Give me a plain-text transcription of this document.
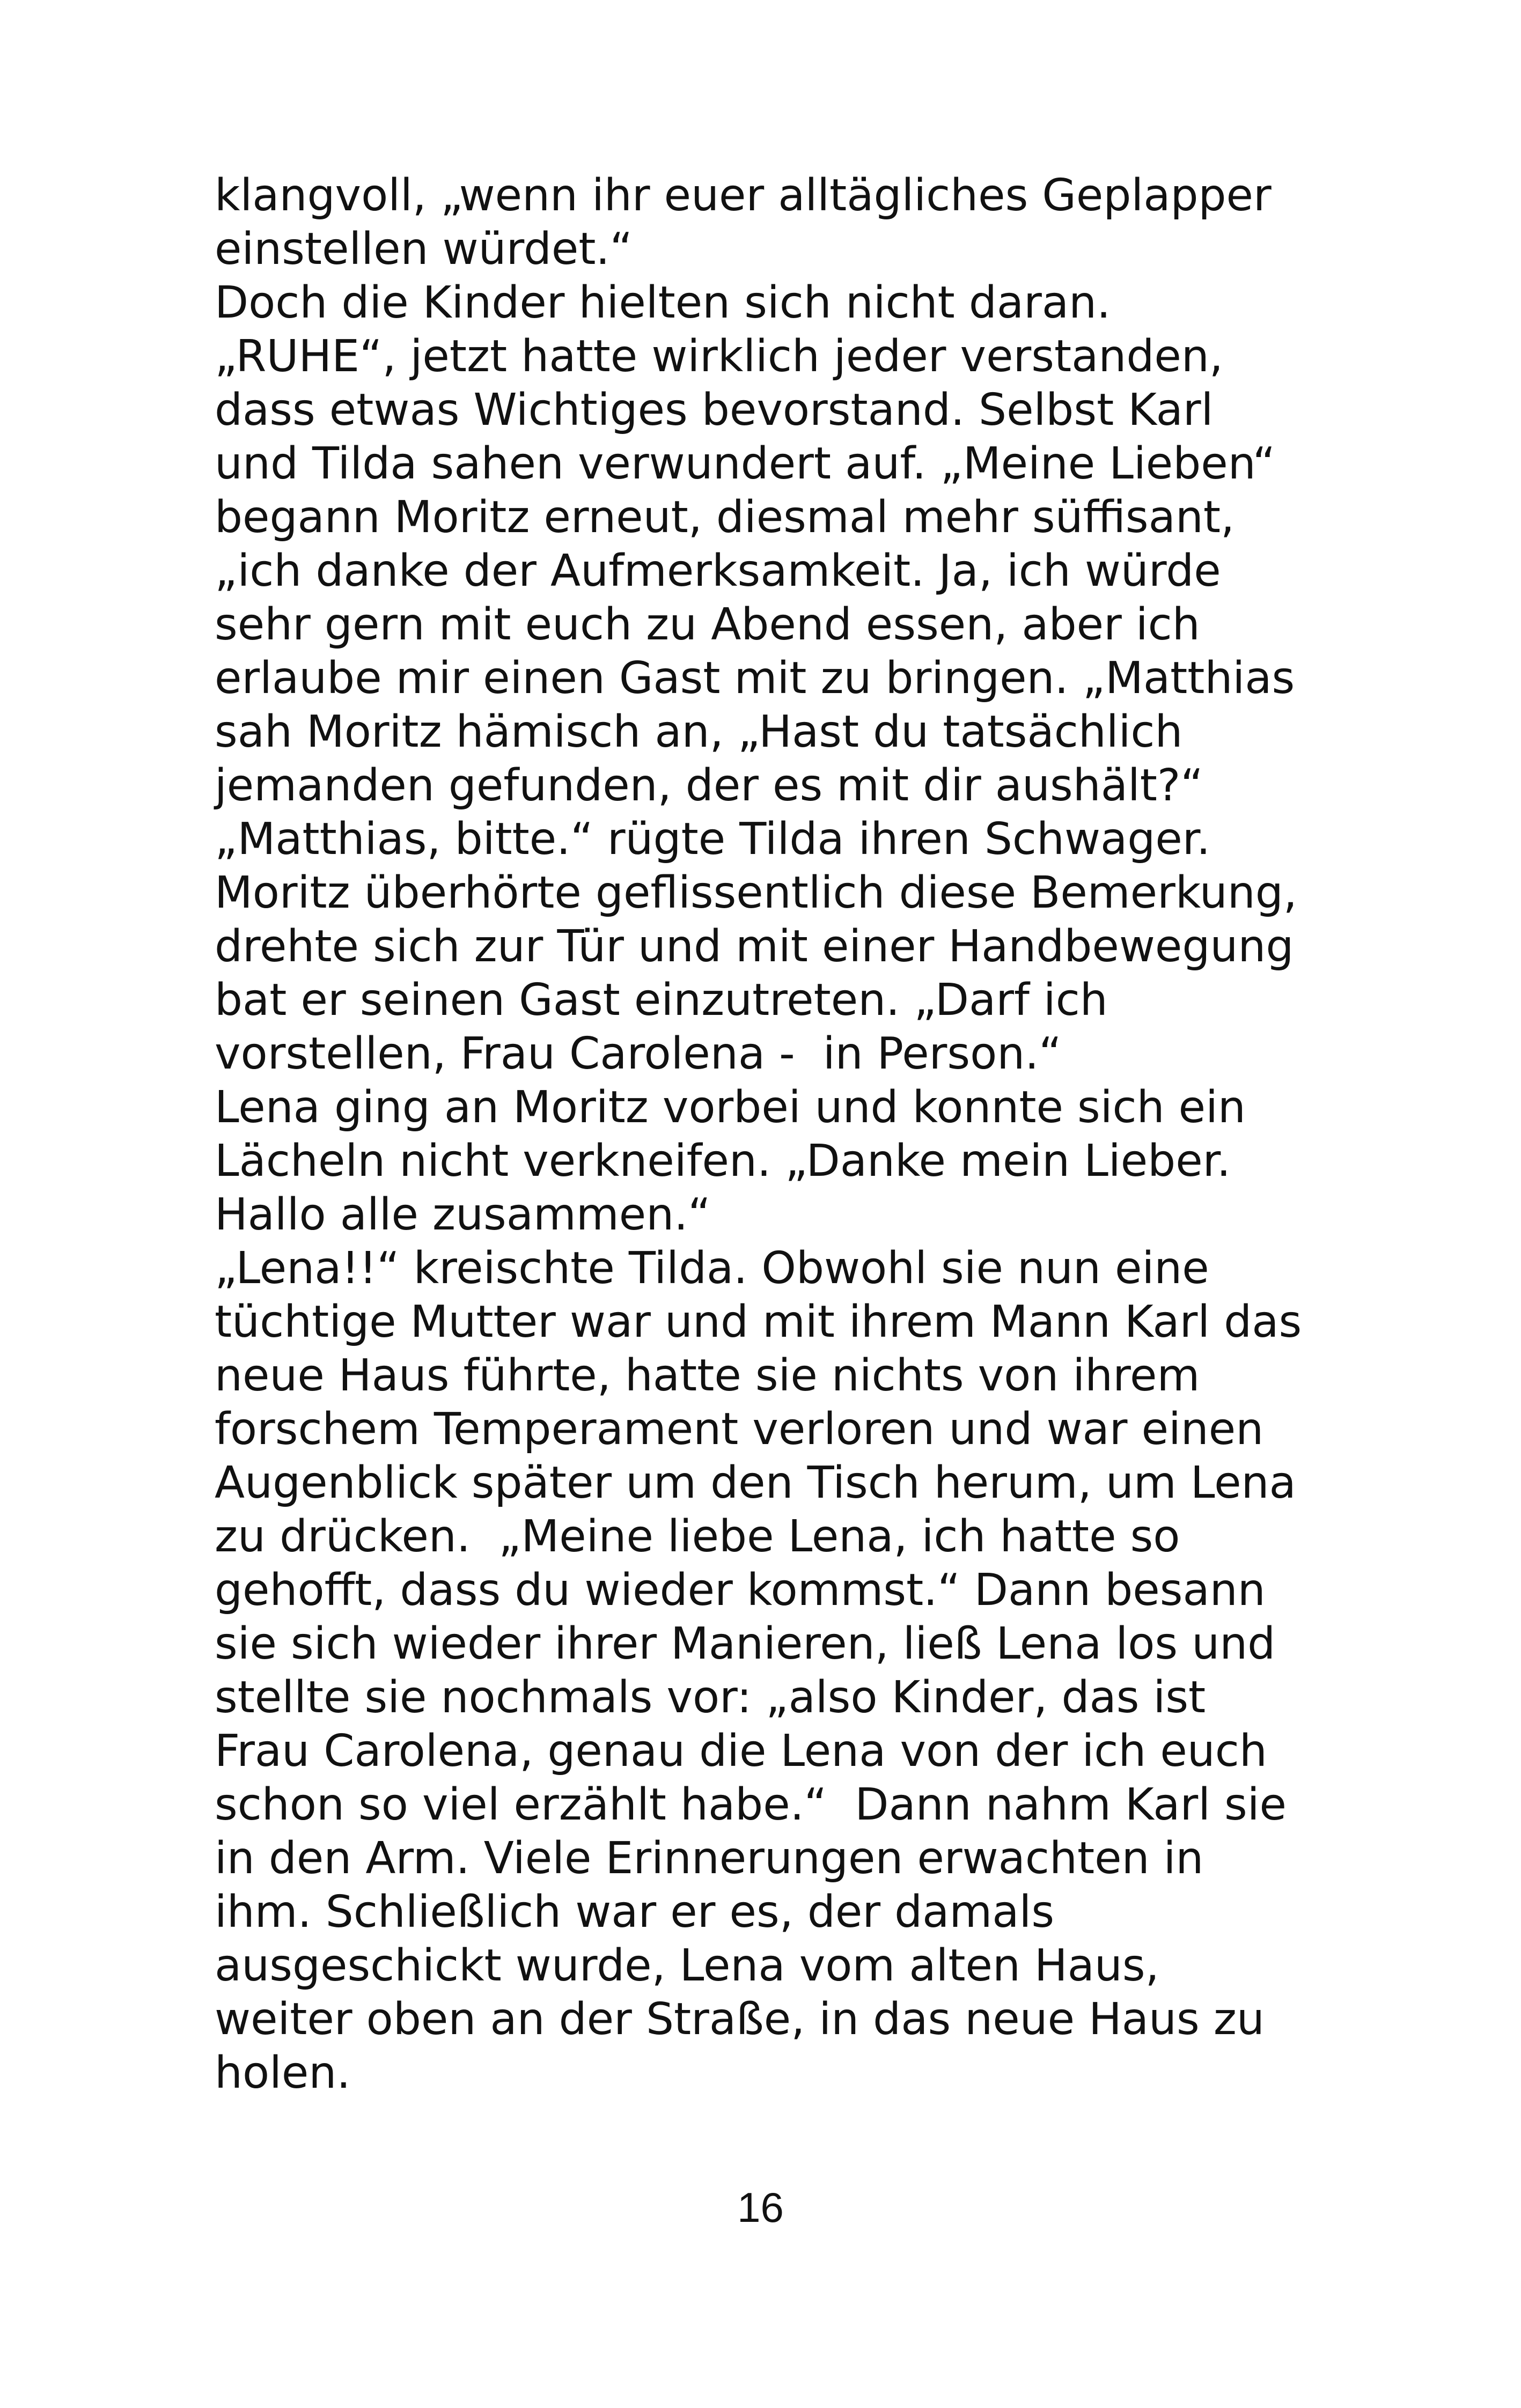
klangvoll, „wenn ihr euer alltägliches Geplapper
einstellen würdet.“
Doch die Kinder hielten sich nicht daran.
„RUHE“, jetzt hatte wirklich jeder verstanden,
dass etwas Wichtiges bevorstand. Selbst Karl
und Tilda sahen verwundert auf. „Meine Lieben“
begann Moritz erneut, diesmal mehr süffisant,
„ich danke der Aufmerksamkeit. Ja, ich würde
sehr gern mit euch zu Abend essen, aber ich
erlaube mir einen Gast mit zu bringen. „Matthias
sah Moritz hämisch an, „Hast du tatsächlich
jemanden gefunden, der es mit dir aushält?“
„Matthias, bitte.“ rügte Tilda ihren Schwager.
Moritz überhörte geflissentlich diese Bemerkung,
drehte sich zur Tür und mit einer Handbewegung
bat er seinen Gast einzutreten. „Darf ich
vorstellen, Frau Carolena -  in Person.“
Lena ging an Moritz vorbei und konnte sich ein
Lächeln nicht verkneifen. „Danke mein Lieber.
Hallo alle zusammen.“
„Lena!!“ kreischte Tilda. Obwohl sie nun eine
tüchtige Mutter war und mit ihrem Mann Karl das
neue Haus führte, hatte sie nichts von ihrem
forschem Temperament verloren und war einen
Augenblick später um den Tisch herum, um Lena
zu drücken.  „Meine liebe Lena, ich hatte so
gehofft, dass du wieder kommst.“ Dann besann
sie sich wieder ihrer Manieren, ließ Lena los und
stellte sie nochmals vor: „also Kinder, das ist
Frau Carolena, genau die Lena von der ich euch
schon so viel erzählt habe.“  Dann nahm Karl sie
in den Arm. Viele Erinnerungen erwachten in
ihm. Schließlich war er es, der damals
ausgeschickt wurde, Lena vom alten Haus,
weiter oben an der Straße, in das neue Haus zu
holen.
16
